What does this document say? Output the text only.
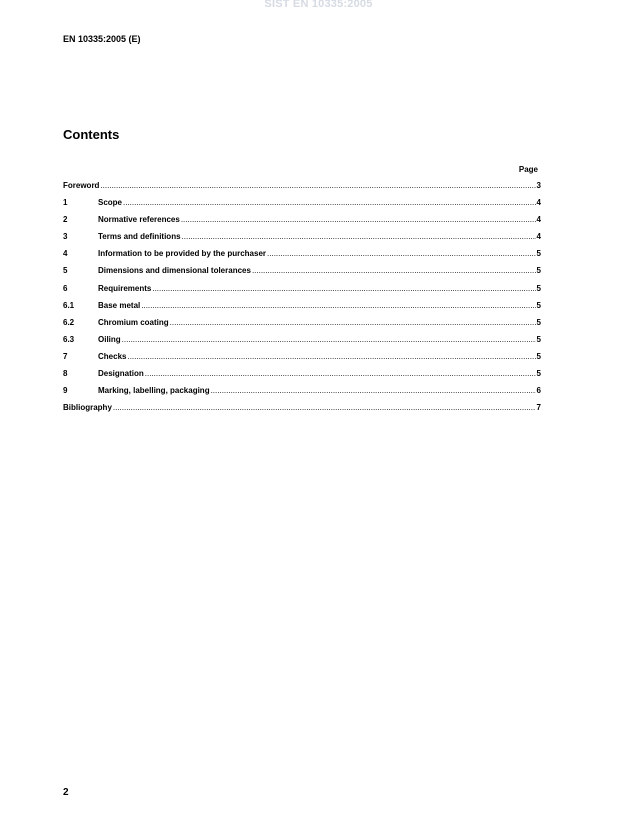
SIST EN 10335:2005
EN 10335:2005 (E)
Contents
Page
Foreword .....	3
1	Scope .....	4
2	Normative references .....	4
3	Terms and definitions .....	4
4	Information to be provided by the purchaser .....	5
5	Dimensions and dimensional tolerances .....	5
6	Requirements .....	5
6.1	Base metal .....	5
6.2	Chromium coating .....	5
6.3	Oiling .....	5
7	Checks .....	5
8	Designation .....	5
9	Marking, labelling, packaging .....	6
Bibliography .....	7
2
